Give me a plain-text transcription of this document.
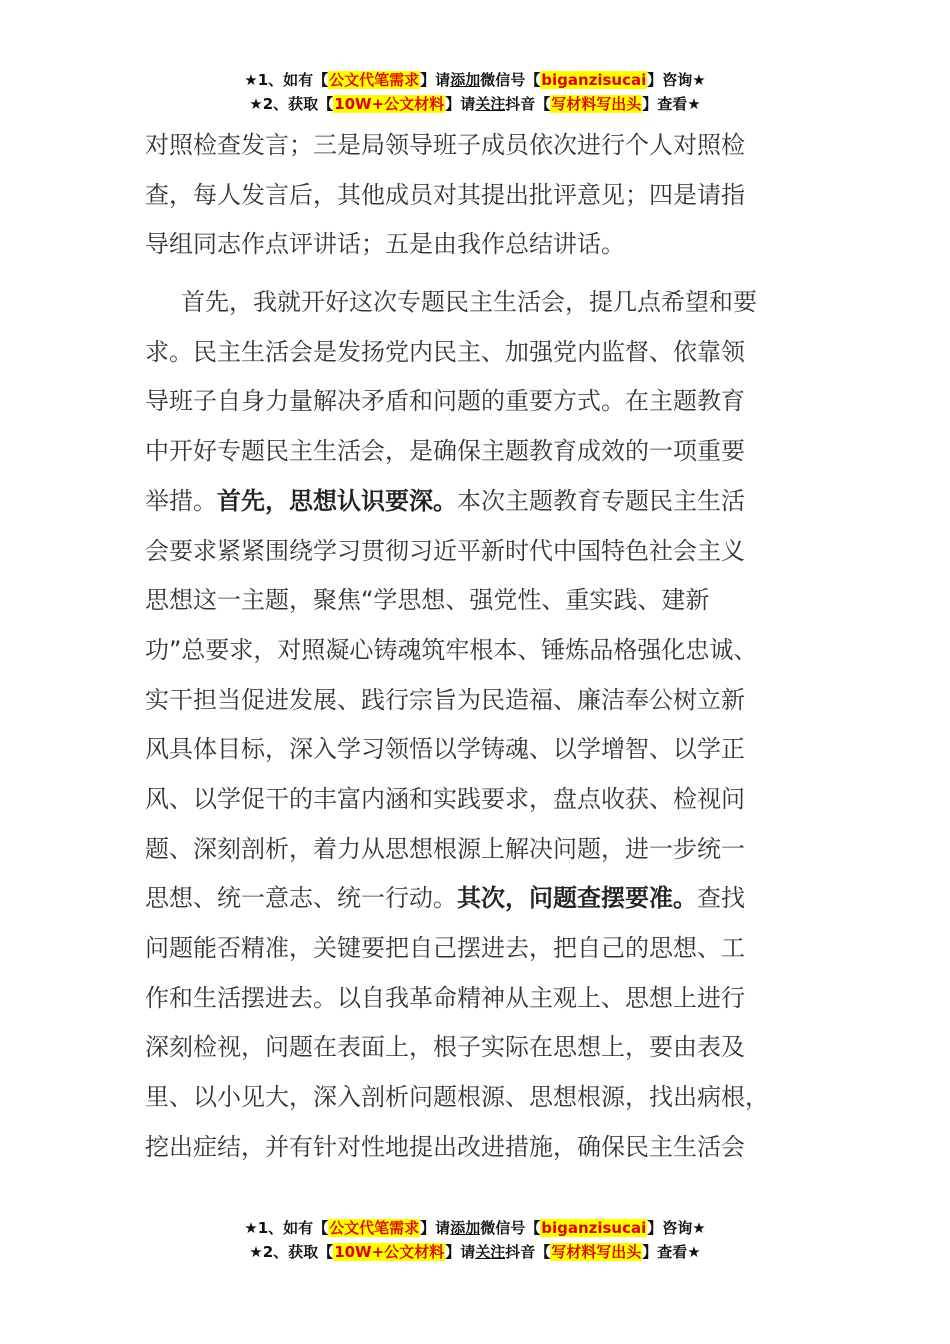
★1、如有【公文代笔需求】请添加微信号【biganzisucai】咨询★
★2、获取【10W+公文材料】请关注抖音【写材料写出头】查看★

对照检查发言；三是局领导班子成员依次进行个人对照检
查，每人发言后，其他成员对其提出批评意见；四是请指
导组同志作点评讲话；五是由我作总结讲话。

首先，我就开好这次专题民主生活会，提几点希望和要
求。民主生活会是发扬党内民主、加强党内监督、依靠领
导班子自身力量解决矛盾和问题的重要方式。在主题教育
中开好专题民主生活会，是确保主题教育成效的一项重要
举措。首先，思想认识要深。本次主题教育专题民主生活
会要求紧紧围绕学习贯彻习近平新时代中国特色社会主义
思想这一主题，聚焦“学思想、强党性、重实践、建新
功”总要求，对照凝心铸魂筑牢根本、锤炼品格强化忠诚、
实干担当促进发展、践行宗旨为民造福、廉洁奉公树立新
风具体目标，深入学习领悟以学铸魂、以学增智、以学正
风、以学促干的丰富内涵和实践要求，盘点收获、检视问
题、深刻剖析，着力从思想根源上解决问题，进一步统一
思想、统一意志、统一行动。其次，问题查摆要准。查找
问题能否精准，关键要把自己摆进去，把自己的思想、工
作和生活摆进去。以自我革命精神从主观上、思想上进行
深刻检视，问题在表面上，根子实际在思想上，要由表及
里、以小见大，深入剖析问题根源、思想根源，找出病根，
挖出症结，并有针对性地提出改进措施，确保民主生活会

★1、如有【公文代笔需求】请添加微信号【biganzisucai】咨询★
★2、获取【10W+公文材料】请关注抖音【写材料写出头】查看★
